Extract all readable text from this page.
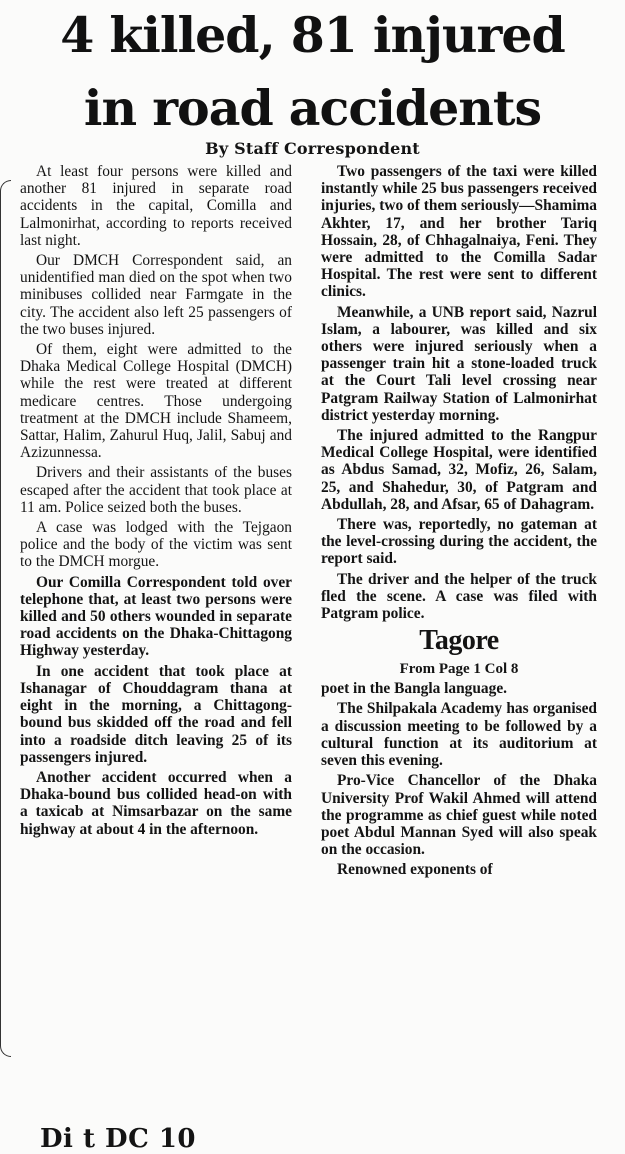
4 killed, 81 injured
in road accidents

By Staff Correspondent

At least four persons were killed and another 81 injured in separate road accidents in the capital, Comilla and Lalmonirhat, according to reports received last night.

Our DMCH Correspondent said, an unidentified man died on the spot when two minibuses collided near Farmgate in the city. The accident also left 25 passengers of the two buses injured.

Of them, eight were admitted to the Dhaka Medical College Hospital (DMCH) while the rest were treated at different medicare centres. Those undergoing treatment at the DMCH include Shameem, Sattar, Halim, Zahurul Huq, Jalil, Sabuj and Azizunnessa.

Drivers and their assistants of the buses escaped after the accident that took place at 11 am. Police seized both the buses.

A case was lodged with the Tejgaon police and the body of the victim was sent to the DMCH morgue.

Our Comilla Correspondent told over telephone that, at least two persons were killed and 50 others wounded in separate road accidents on the Dhaka-Chittagong Highway yesterday.

In one accident that took place at Ishanagar of Chouddagram thana at eight in the morning, a Chittagong-bound bus skidded off the road and fell into a roadside ditch leaving 25 of its passengers injured.

Another accident occurred when a Dhaka-bound bus collided head-on with a taxicab at Nimsarbazar on the same highway at about 4 in the afternoon.

Two passengers of the taxi were killed instantly while 25 bus passengers received injuries, two of them seriously—Shamima Akhter, 17, and her brother Tariq Hossain, 28, of Chhagalnaiya, Feni. They were admitted to the Comilla Sadar Hospital. The rest were sent to different clinics.

Meanwhile, a UNB report said, Nazrul Islam, a labourer, was killed and six others were injured seriously when a passenger train hit a stone-loaded truck at the Court Tali level crossing near Patgram Railway Station of Lalmonirhat district yesterday morning.

The injured admitted to the Rangpur Medical College Hospital, were identified as Abdus Samad, 32, Mofiz, 26, Salam, 25, and Shahedur, 30, of Patgram and Abdullah, 28, and Afsar, 65 of Dahagram.

There was, reportedly, no gateman at the level-crossing during the accident, the report said.

The driver and the helper of the truck fled the scene. A case was filed with Patgram police.

Tagore
From Page 1 Col 8

poet in the Bangla language.

The Shilpakala Academy has organised a discussion meeting to be followed by a cultural function at its auditorium at seven this evening.

Pro-Vice Chancellor of the Dhaka University Prof Wakil Ahmed will attend the programme as chief guest while noted poet Abdul Mannan Syed will also speak on the occasion.

Renowned exponents of

Di t DC 10
